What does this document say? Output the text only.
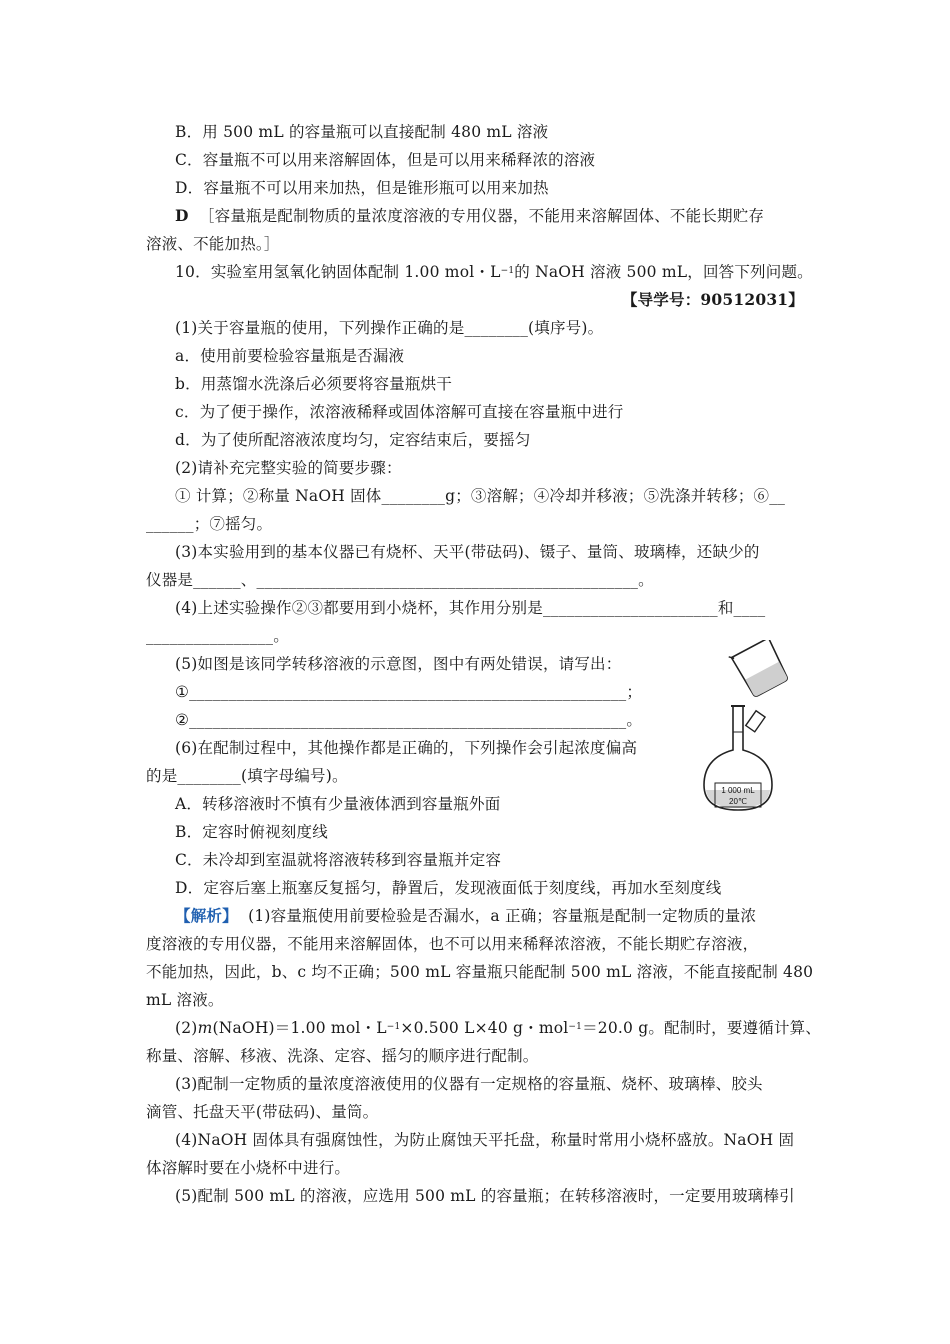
B．用 500 mL 的容量瓶可以直接配制 480 mL 溶液
C．容量瓶不可以用来溶解固体，但是可以用来稀释浓的溶液
D．容量瓶不可以用来加热，但是锥形瓶可以用来加热
D ［容量瓶是配制物质的量浓度溶液的专用仪器，不能用来溶解固体、不能长期贮存
溶液、不能加热。］
10．实验室用氢氧化钠固体配制 1.00 mol・$L^{-1}$的 NaOH 溶液 500 mL，回答下列问题。
【导学号：90512031】
(1)关于容量瓶的使用，下列操作正确的是________(填序号)。
a．使用前要检验容量瓶是否漏液
b．用蒸馏水洗涤后必须要将容量瓶烘干
c．为了便于操作，浓溶液稀释或固体溶解可直接在容量瓶中进行
d．为了使所配溶液浓度均匀，定容结束后，要摇匀
(2)请补充完整实验的简要步骤：
① 计算；②称量 NaOH 固体________g；③溶解；④冷却并移液；⑤洗涤并转移；⑥__
______；⑦摇匀。
(3)本实验用到的基本仪器已有烧杯、天平(带砝码)、镊子、量筒、玻璃棒，还缺少的
仪器是______、________________________________________________。
(4)上述实验操作②③都要用到小烧杯，其作用分别是______________________和____
________________。
(5)如图是该同学转移溶液的示意图，图中有两处错误，请写出：
①_______________________________________________________；
②_______________________________________________________。
(6)在配制过程中，其他操作都是正确的，下列操作会引起浓度偏高
的是________(填字母编号)。
A．转移溶液时不慎有少量液体洒到容量瓶外面
B．定容时俯视刻度线
C．未冷却到室温就将溶液转移到容量瓶并定容
D．定容后塞上瓶塞反复摇匀，静置后，发现液面低于刻度线，再加水至刻度线
【解析】 (1)容量瓶使用前要检验是否漏水，a 正确；容量瓶是配制一定物质的量浓
度溶液的专用仪器，不能用来溶解固体，也不可以用来稀释浓溶液，不能长期贮存溶液，
不能加热，因此，b、c 均不正确；500 mL 容量瓶只能配制 500 mL 溶液，不能直接配制 480
mL 溶液。
(2)m(NaOH)＝1.00 mol・$L^{-1}\times 0.500$ L×40 g・mol$^{-1}$＝20.0 g。配制时，要遵循计算、
称量、溶解、移液、洗涤、定容、摇匀的顺序进行配制。
(3)配制一定物质的量浓度溶液使用的仪器有一定规格的容量瓶、烧杯、玻璃棒、胶头
滴管、托盘天平(带砝码)、量筒。
(4)NaOH 固体具有强腐蚀性，为防止腐蚀天平托盘，称量时常用小烧杯盛放。NaOH 固
体溶解时要在小烧杯中进行。
(5)配制 500 mL 的溶液，应选用 500 mL 的容量瓶；在转移溶液时，一定要用玻璃棒引
1 000 mL
20℃
